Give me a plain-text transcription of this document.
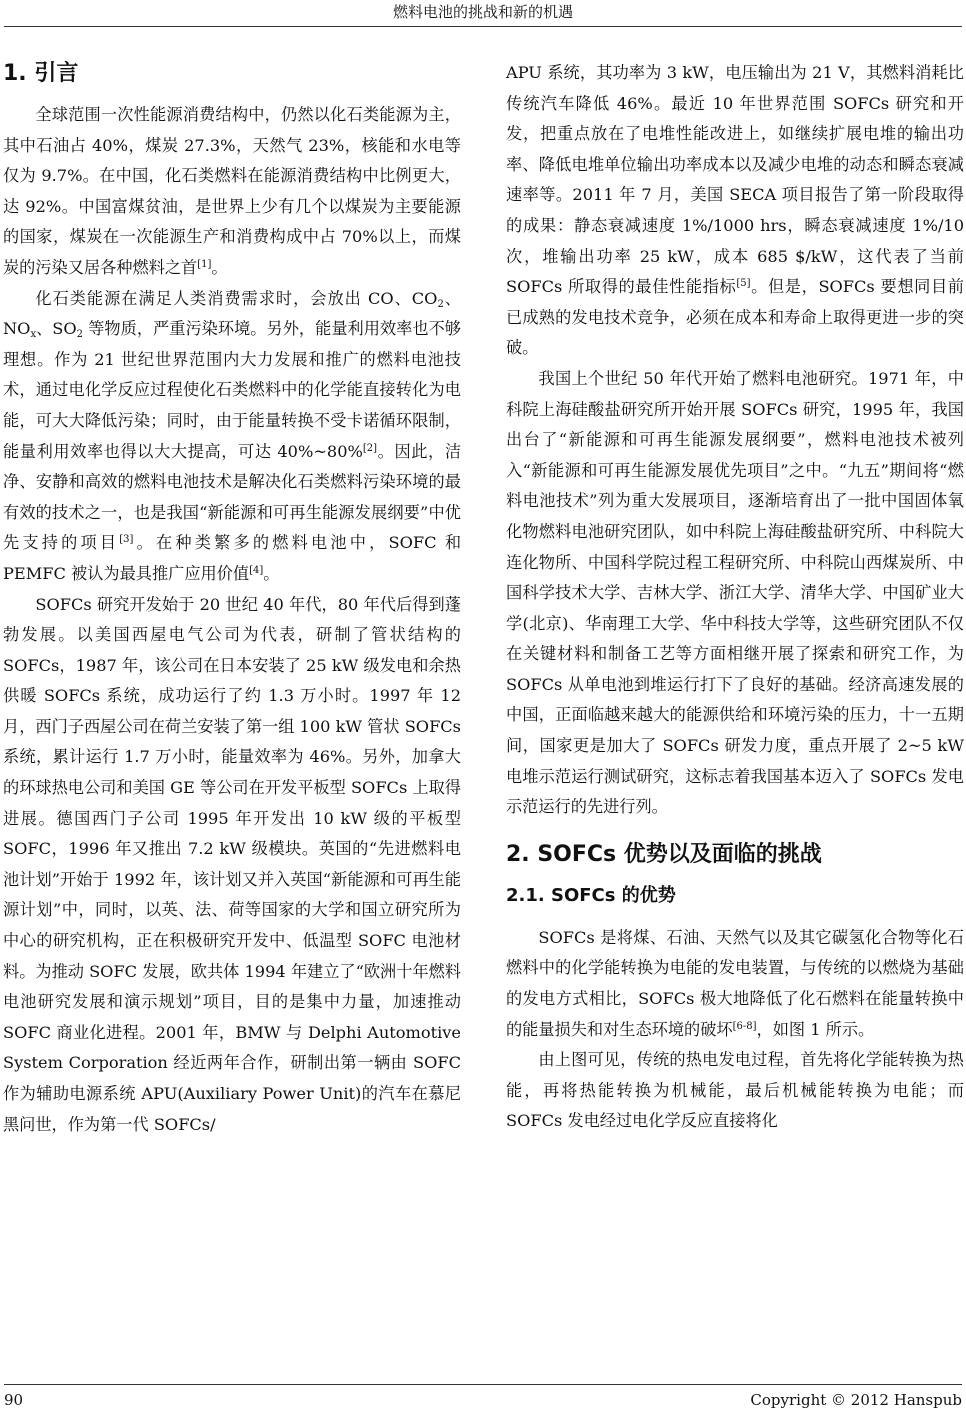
燃料电池的挑战和新的机遇
1. 引言

全球范围一次性能源消费结构中，仍然以化石类能源为主，其中石油占 40%，煤炭 27.3%，天然气 23%，核能和水电等仅为 9.7%。在中国，化石类燃料在能源消费结构中比例更大，达 92%。中国富煤贫油，是世界上少有几个以煤炭为主要能源的国家，煤炭在一次能源生产和消费构成中占 70%以上，而煤炭的污染又居各种燃料之首[1]。

化石类能源在满足人类消费需求时，会放出 CO、$CO_2$、$NO_x$、$SO_2$ 等物质，严重污染环境。另外，能量利用效率也不够理想。作为 21 世纪世界范围内大力发展和推广的燃料电池技术，通过电化学反应过程使化石类燃料中的化学能直接转化为电能，可大大降低污染；同时，由于能量转换不受卡诺循环限制，能量利用效率也得以大大提高，可达 40%~80%[2]。因此，洁净、安静和高效的燃料电池技术是解决化石类燃料污染环境的最有效的技术之一，也是我国“新能源和可再生能源发展纲要”中优先支持的项目[3]。在种类繁多的燃料电池中，SOFC 和 PEMFC 被认为最具推广应用价值[4]。

SOFCs 研究开发始于 20 世纪 40 年代，80 年代后得到蓬勃发展。以美国西屋电气公司为代表，研制了管状结构的 SOFCs，1987 年，该公司在日本安装了 25 kW 级发电和余热供暖 SOFCs 系统，成功运行了约 1.3 万小时。1997 年 12 月，西门子西屋公司在荷兰安装了第一组 100 kW 管状 SOFCs 系统，累计运行 1.7 万小时，能量效率为 46%。另外，加拿大的环球热电公司和美国 GE 等公司在开发平板型 SOFCs 上取得进展。德国西门子公司 1995 年开发出 10 kW 级的平板型 SOFC，1996 年又推出 7.2 kW 级模块。英国的“先进燃料电池计划”开始于 1992 年，该计划又并入英国“新能源和可再生能源计划”中，同时，以英、法、荷等国家的大学和国立研究所为中心的研究机构，正在积极研究开发中、低温型 SOFC 电池材料。为推动 SOFC 发展，欧共体 1994 年建立了“欧洲十年燃料电池研究发展和演示规划”项目，目的是集中力量，加速推动 SOFC 商业化进程。2001 年，BMW 与 Delphi Automotive System Corporation 经近两年合作，研制出第一辆由 SOFC 作为辅助电源系统 APU(Auxiliary Power Unit)的汽车在慕尼黑问世，作为第一代 SOFCs/

APU 系统，其功率为 3 kW，电压输出为 21 V，其燃料消耗比传统汽车降低 46%。最近 10 年世界范围 SOFCs 研究和开发，把重点放在了电堆性能改进上，如继续扩展电堆的输出功率、降低电堆单位输出功率成本以及减少电堆的动态和瞬态衰减速率等。2011 年 7 月，美国 SECA 项目报告了第一阶段取得的成果：静态衰减速度 1%/1000 hrs，瞬态衰减速度 1%/10 次，堆输出功率 25 kW，成本 685 $/kW，这代表了当前 SOFCs 所取得的最佳性能指标[5]。但是，SOFCs 要想同目前已成熟的发电技术竞争，必须在成本和寿命上取得更进一步的突破。

我国上个世纪 50 年代开始了燃料电池研究。1971 年，中科院上海硅酸盐研究所开始开展 SOFCs 研究，1995 年，我国出台了“新能源和可再生能源发展纲要”，燃料电池技术被列入“新能源和可再生能源发展优先项目”之中。“九五”期间将“燃料电池技术”列为重大发展项目，逐渐培育出了一批中国固体氧化物燃料电池研究团队，如中科院上海硅酸盐研究所、中科院大连化物所、中国科学院过程工程研究所、中科院山西煤炭所、中国科学技术大学、吉林大学、浙江大学、清华大学、中国矿业大学(北京)、华南理工大学、华中科技大学等，这些研究团队不仅在关键材料和制备工艺等方面相继开展了探索和研究工作，为 SOFCs 从单电池到堆运行打下了良好的基础。经济高速发展的中国，正面临越来越大的能源供给和环境污染的压力，十一五期间，国家更是加大了 SOFCs 研发力度，重点开展了 2~5 kW 电堆示范运行测试研究，这标志着我国基本迈入了 SOFCs 发电示范运行的先进行列。

2. SOFCs 优势以及面临的挑战
2.1. SOFCs 的优势

SOFCs 是将煤、石油、天然气以及其它碳氢化合物等化石燃料中的化学能转换为电能的发电装置，与传统的以燃烧为基础的发电方式相比，SOFCs 极大地降低了化石燃料在能量转换中的能量损失和对生态环境的破坏[6-8]，如图 1 所示。

由上图可见，传统的热电发电过程，首先将化学能转换为热能，再将热能转换为机械能，最后机械能转换为电能；而 SOFCs 发电经过电化学反应直接将化

90	Copyright © 2012 Hanspub
